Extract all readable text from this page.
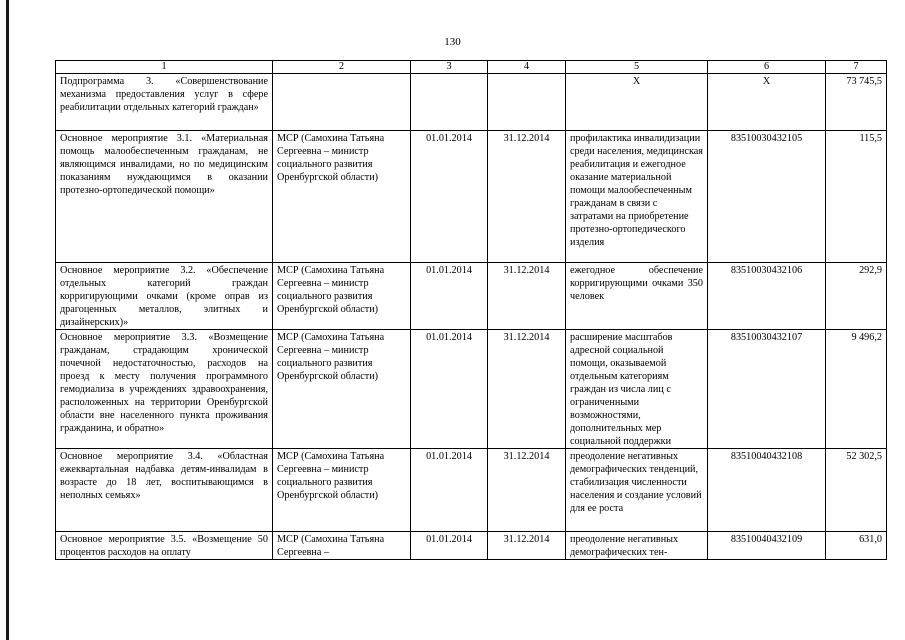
130
1	2	3	4	5	6	7
Подпрограмма 3. «Совершенствование механизма предоставления услуг в сфере реабилитации отдельных категорий граждан»				X	X	73 745,5
Основное мероприятие 3.1. «Материальная помощь малообеспеченным гражданам, не являющимся инвалидами, но по медицинским показаниям нуждающимся в оказании протезно-ортопедической помощи»	МСР (Самохина Татьяна Сергеевна – министр социального развития Оренбургской области)	01.01.2014	31.12.2014	профилактика инвалидизации среди населения, медицинская реабилитация и ежегодное оказание материальной помощи малообеспеченным гражданам в связи с затратами на приобретение протезно-ортопедического изделия	83510030432105	115,5
Основное мероприятие 3.2. «Обеспечение отдельных категорий граждан корригирующими очками (кроме оправ из драгоценных металлов, элитных и дизайнерских)»	МСР (Самохина Татьяна Сергеевна – министр социального развития Оренбургской области)	01.01.2014	31.12.2014	ежегодное обеспечение корригирующими очками 350 человек	83510030432106	292,9
Основное мероприятие 3.3. «Возмещение гражданам, страдающим хронической почечной недостаточностью, расходов на проезд к месту получения программного гемодиализа в учреждениях здравоохранения, расположенных на территории Оренбургской области вне населенного пункта проживания гражданина, и обратно»	МСР (Самохина Татьяна Сергеевна – министр социального развития Оренбургской области)	01.01.2014	31.12.2014	расширение масштабов адресной социальной помощи, оказываемой отдельным категориям граждан из числа лиц с ограниченными возможностями, дополнительных мер социальной поддержки	83510030432107	9 496,2
Основное мероприятие 3.4. «Областная ежеквартальная надбавка детям-инвалидам в возрасте до 18 лет, воспитывающимся в неполных семьях»	МСР (Самохина Татьяна Сергеевна – министр социального развития Оренбургской области)	01.01.2014	31.12.2014	преодоление негативных демографических тенденций, стабилизация численности населения и создание условий для ее роста	83510040432108	52 302,5
Основное мероприятие 3.5. «Возмещение 50 процентов расходов на оплату	МСР (Самохина Татьяна Сергеевна –	01.01.2014	31.12.2014	преодоление негативных демографических тен-	83510040432109	631,0
